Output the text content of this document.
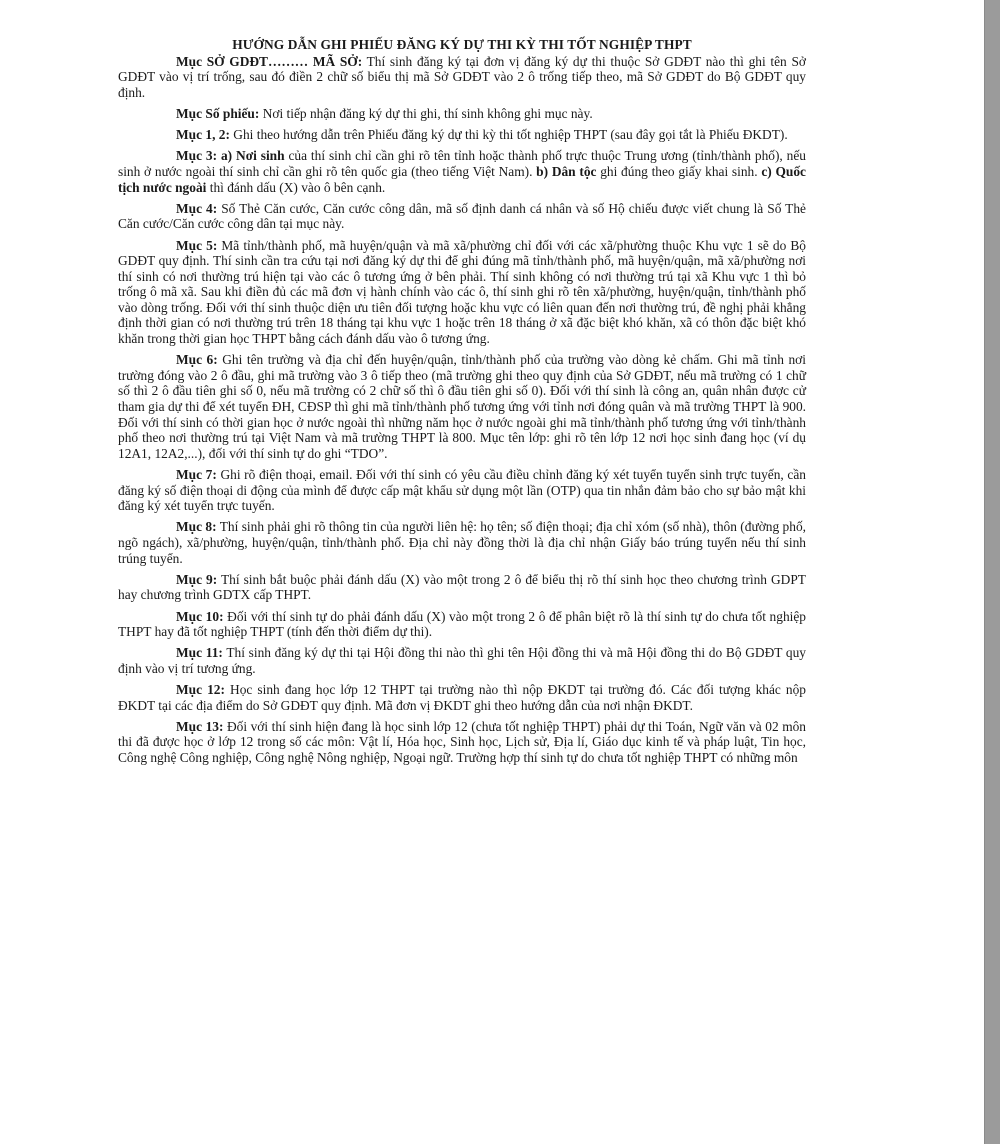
HƯỚNG DẪN GHI PHIẾU ĐĂNG KÝ DỰ THI KỲ THI TỐT NGHIỆP THPT

Mục SỞ GDĐT……… MÃ SỞ: Thí sinh đăng ký tại đơn vị đăng ký dự thi thuộc Sở GDĐT nào thì ghi tên Sở GDĐT vào vị trí trống, sau đó điền 2 chữ số biểu thị mã Sở GDĐT vào 2 ô trống tiếp theo, mã Sở GDĐT do Bộ GDĐT quy định.

Mục Số phiếu: Nơi tiếp nhận đăng ký dự thi ghi, thí sinh không ghi mục này.

Mục 1, 2: Ghi theo hướng dẫn trên Phiếu đăng ký dự thi kỳ thi tốt nghiệp THPT (sau đây gọi tắt là Phiếu ĐKDT).

Mục 3: a) Nơi sinh của thí sinh chỉ cần ghi rõ tên tỉnh hoặc thành phố trực thuộc Trung ương (tỉnh/thành phố), nếu sinh ở nước ngoài thí sinh chỉ cần ghi rõ tên quốc gia (theo tiếng Việt Nam). b) Dân tộc ghi đúng theo giấy khai sinh. c) Quốc tịch nước ngoài thì đánh dấu (X) vào ô bên cạnh.

Mục 4: Số Thẻ Căn cước, Căn cước công dân, mã số định danh cá nhân và số Hộ chiếu được viết chung là Số Thẻ Căn cước/Căn cước công dân tại mục này.

Mục 5: Mã tỉnh/thành phố, mã huyện/quận và mã xã/phường chỉ đối với các xã/phường thuộc Khu vực 1 sẽ do Bộ GDĐT quy định. Thí sinh cần tra cứu tại nơi đăng ký dự thi để ghi đúng mã tỉnh/thành phố, mã huyện/quận, mã xã/phường nơi thí sinh có nơi thường trú hiện tại vào các ô tương ứng ở bên phải. Thí sinh không có nơi thường trú tại xã Khu vực 1 thì bỏ trống ô mã xã. Sau khi điền đủ các mã đơn vị hành chính vào các ô, thí sinh ghi rõ tên xã/phường, huyện/quận, tỉnh/thành phố vào dòng trống. Đối với thí sinh thuộc diện ưu tiên đối tượng hoặc khu vực có liên quan đến nơi thường trú, đề nghị phải khẳng định thời gian có nơi thường trú trên 18 tháng tại khu vực 1 hoặc trên 18 tháng ở xã đặc biệt khó khăn, xã có thôn đặc biệt khó khăn trong thời gian học THPT bằng cách đánh dấu vào ô tương ứng.

Mục 6: Ghi tên trường và địa chỉ đến huyện/quận, tỉnh/thành phố của trường vào dòng kẻ chấm. Ghi mã tỉnh nơi trường đóng vào 2 ô đầu, ghi mã trường vào 3 ô tiếp theo (mã trường ghi theo quy định của Sở GDĐT, nếu mã trường có 1 chữ số thì 2 ô đầu tiên ghi số 0, nếu mã trường có 2 chữ số thì ô đầu tiên ghi số 0). Đối với thí sinh là công an, quân nhân được cử tham gia dự thi để xét tuyển ĐH, CĐSP thì ghi mã tỉnh/thành phố tương ứng với tỉnh nơi đóng quân và mã trường THPT là 900. Đối với thí sinh có thời gian học ở nước ngoài thì những năm học ở nước ngoài ghi mã tỉnh/thành phố tương ứng với tỉnh/thành phố theo nơi thường trú tại Việt Nam và mã trường THPT là 800. Mục tên lớp: ghi rõ tên lớp 12 nơi học sinh đang học (ví dụ 12A1, 12A2,...), đối với thí sinh tự do ghi “TDO”.

Mục 7: Ghi rõ điện thoại, email. Đối với thí sinh có yêu cầu điều chỉnh đăng ký xét tuyển tuyển sinh trực tuyến, cần đăng ký số điện thoại di động của mình để được cấp mật khẩu sử dụng một lần (OTP) qua tin nhắn đảm bảo cho sự bảo mật khi đăng ký xét tuyển trực tuyến.

Mục 8: Thí sinh phải ghi rõ thông tin của người liên hệ: họ tên; số điện thoại; địa chỉ xóm (số nhà), thôn (đường phố, ngõ ngách), xã/phường, huyện/quận, tỉnh/thành phố. Địa chỉ này đồng thời là địa chỉ nhận Giấy báo trúng tuyển nếu thí sinh trúng tuyển.

Mục 9: Thí sinh bắt buộc phải đánh dấu (X) vào một trong 2 ô để biểu thị rõ thí sinh học theo chương trình GDPT hay chương trình GDTX cấp THPT.

Mục 10: Đối với thí sinh tự do phải đánh dấu (X) vào một trong 2 ô để phân biệt rõ là thí sinh tự do chưa tốt nghiệp THPT hay đã tốt nghiệp THPT (tính đến thời điểm dự thi).

Mục 11: Thí sinh đăng ký dự thi tại Hội đồng thi nào thì ghi tên Hội đồng thi và mã Hội đồng thi do Bộ GDĐT quy định vào vị trí tương ứng.

Mục 12: Học sinh đang học lớp 12 THPT tại trường nào thì nộp ĐKDT tại trường đó. Các đối tượng khác nộp ĐKDT tại các địa điểm do Sở GDĐT quy định. Mã đơn vị ĐKDT ghi theo hướng dẫn của nơi nhận ĐKDT.

Mục 13: Đối với thí sinh hiện đang là học sinh lớp 12 (chưa tốt nghiệp THPT) phải dự thi Toán, Ngữ văn và 02 môn thi đã được học ở lớp 12 trong số các môn: Vật lí, Hóa học, Sinh học, Lịch sử, Địa lí, Giáo dục kinh tế và pháp luật, Tin học, Công nghệ Công nghiệp, Công nghệ Nông nghiệp, Ngoại ngữ. Trường hợp thí sinh tự do chưa tốt nghiệp THPT có những môn
